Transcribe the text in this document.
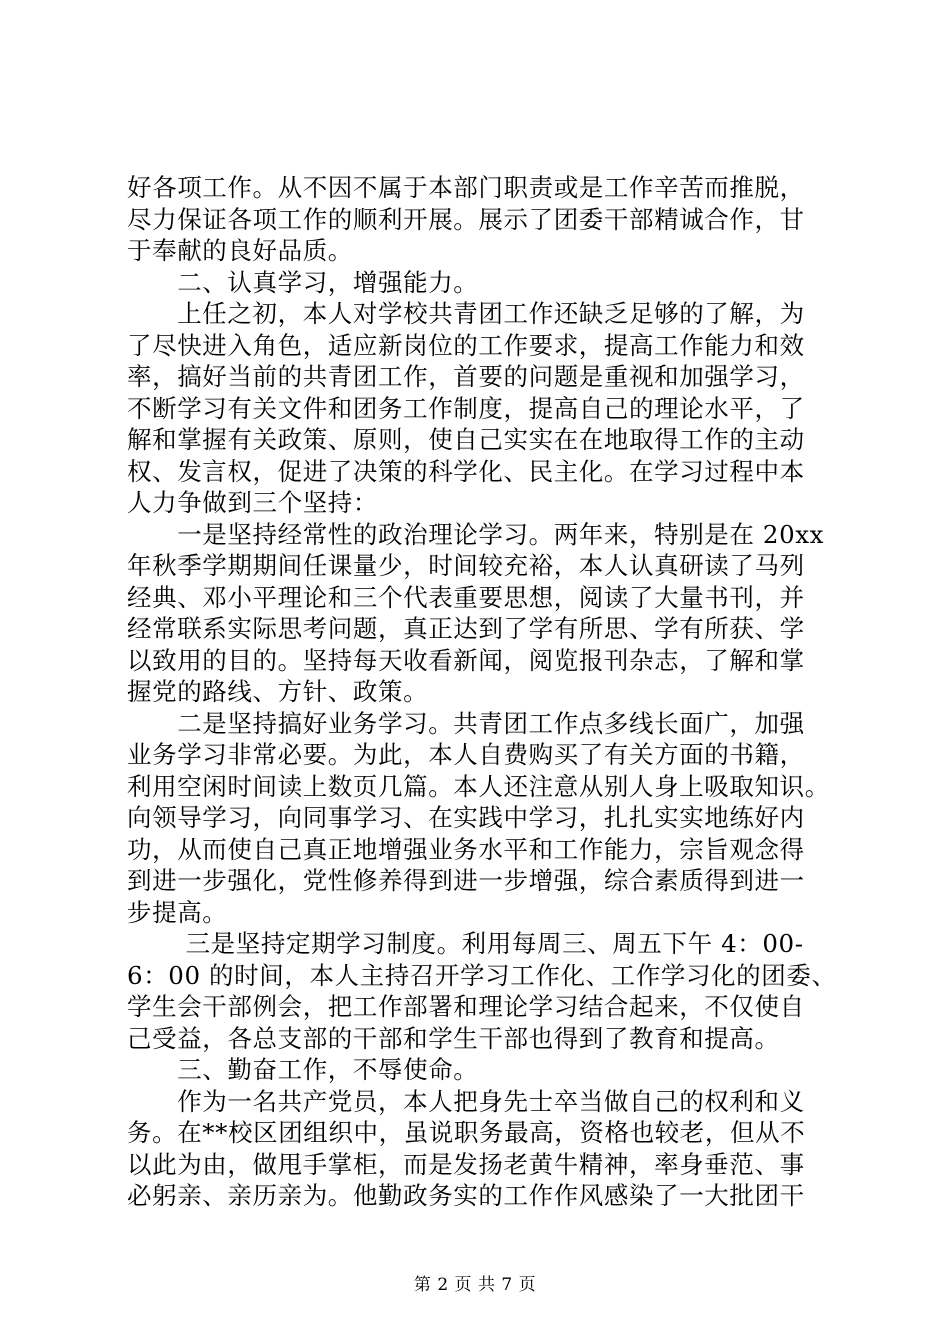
好各项工作。从不因不属于本部门职责或是工作辛苦而推脱，
尽力保证各项工作的顺利开展。展示了团委干部精诚合作，甘
于奉献的良好品质。
　　二、认真学习，增强能力。
　　上任之初，本人对学校共青团工作还缺乏足够的了解，为
了尽快进入角色，适应新岗位的工作要求，提高工作能力和效
率，搞好当前的共青团工作，首要的问题是重视和加强学习，
不断学习有关文件和团务工作制度，提高自己的理论水平，了
解和掌握有关政策、原则，使自己实实在在地取得工作的主动
权、发言权，促进了决策的科学化、民主化。在学习过程中本
人力争做到三个坚持：
　　一是坚持经常性的政治理论学习。两年来，特别是在 20xx
年秋季学期期间任课量少，时间较充裕，本人认真研读了马列
经典、邓小平理论和三个代表重要思想，阅读了大量书刊，并
经常联系实际思考问题，真正达到了学有所思、学有所获、学
以致用的目的。坚持每天收看新闻，阅览报刊杂志，了解和掌
握党的路线、方针、政策。
　　二是坚持搞好业务学习。共青团工作点多线长面广，加强
业务学习非常必要。为此，本人自费购买了有关方面的书籍，
利用空闲时间读上数页几篇。本人还注意从别人身上吸取知识。
向领导学习，向同事学习、在实践中学习，扎扎实实地练好内
功，从而使自己真正地增强业务水平和工作能力，宗旨观念得
到进一步强化，党性修养得到进一步增强，综合素质得到进一
步提高。
　　 三是坚持定期学习制度。利用每周三、周五下午 4：00-
6：00 的时间，本人主持召开学习工作化、工作学习化的团委、
学生会干部例会，把工作部署和理论学习结合起来，不仅使自
己受益，各总支部的干部和学生干部也得到了教育和提高。
　　三、勤奋工作，不辱使命。
　　作为一名共产党员，本人把身先士卒当做自己的权利和义
务。在**校区团组织中，虽说职务最高，资格也较老，但从不
以此为由，做甩手掌柜，而是发扬老黄牛精神，率身垂范、事
必躬亲、亲历亲为。他勤政务实的工作作风感染了一大批团干
第 2 页 共 7 页
